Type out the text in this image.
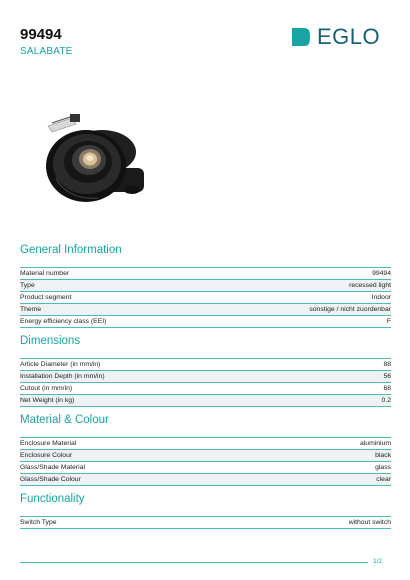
99494
SALABATE
EGLO
General Information
Material number	99494
Type	recessed light
Product segment	Indoor
Theme	sonstige / nicht zuordenbar
Energy efficiency class (EEI)	F
Dimensions
Article Diameter (in mm/in)	88
Installation Depth (in mm/in)	56
Cutout (in mm/in)	68
Net Weight (in kg)	0.2
Material & Colour
Enclosure Material	aluminium
Enclosure Colour	black
Glass/Shade Material	glass
Glass/Shade Colour	clear
Functionality
Switch Type	without switch
1/2
